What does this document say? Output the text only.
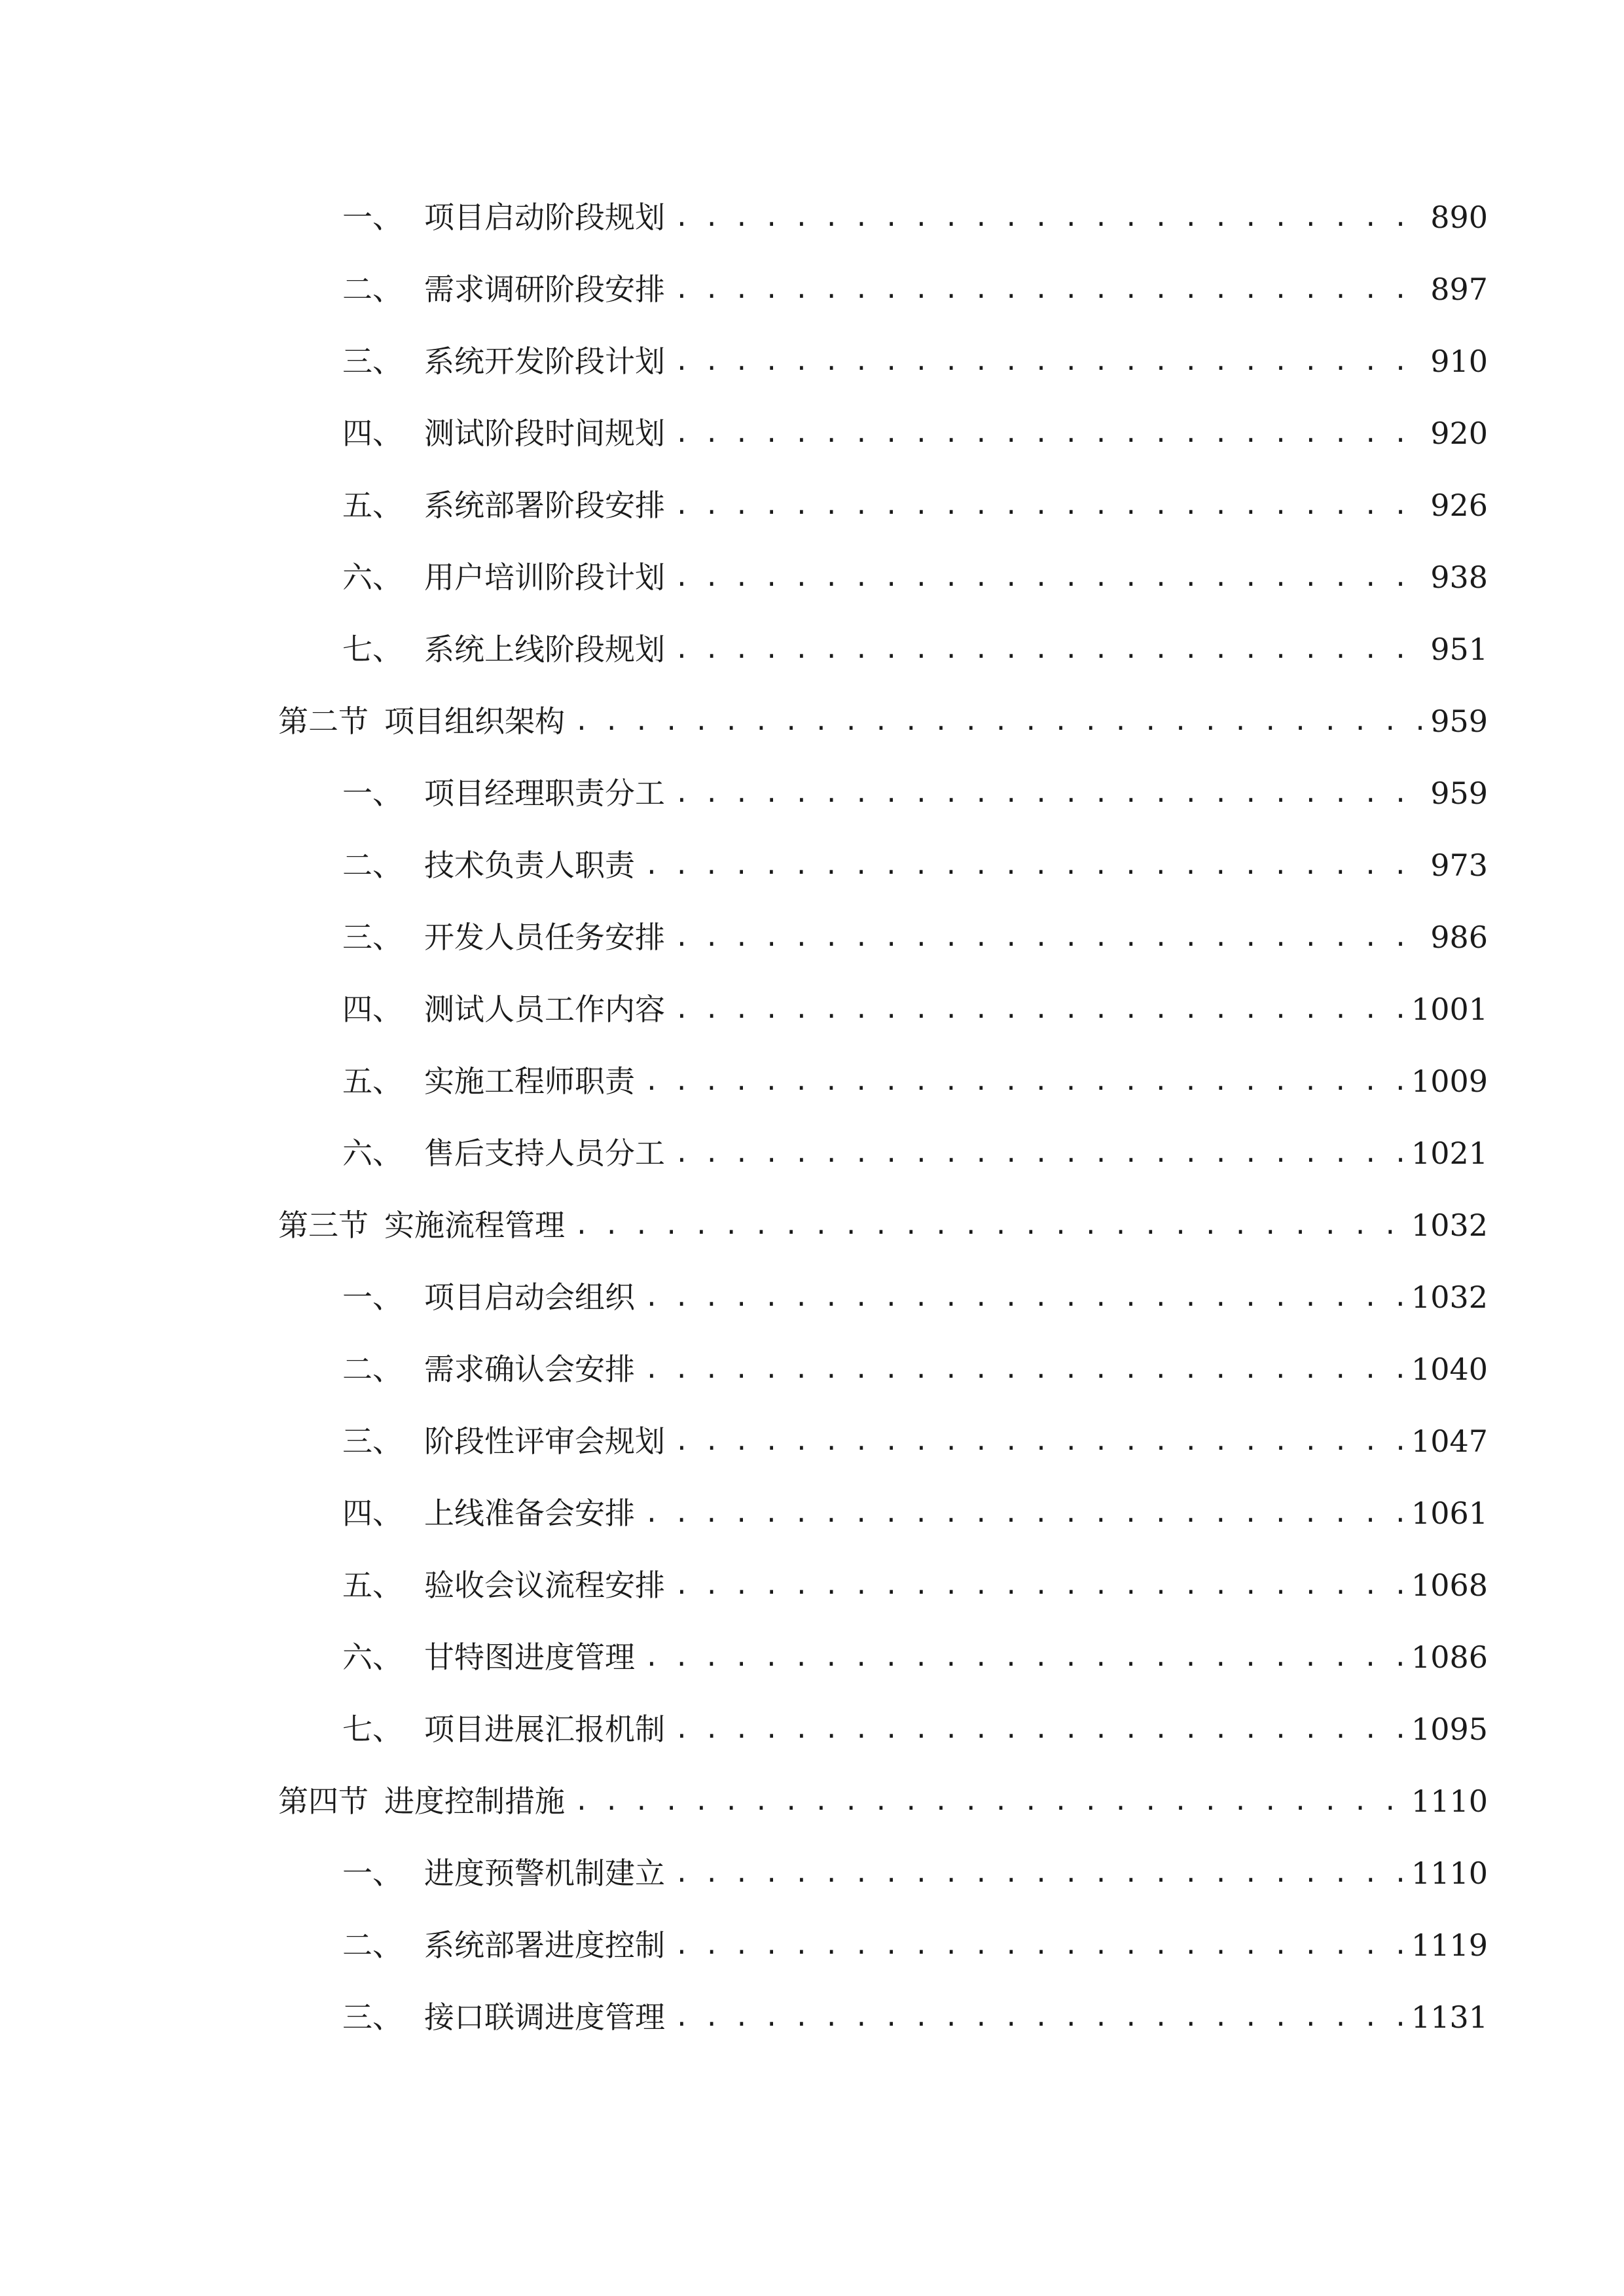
一、 项目启动阶段规划 . . .	890
二、 需求调研阶段安排 . . .	897
三、 系统开发阶段计划 . . .	910
四、 测试阶段时间规划 . . .	920
五、 系统部署阶段安排 . . .	926
六、 用户培训阶段计划 . . .	938
七、 系统上线阶段规划 . . .	951
第二节 项目组织架构 . . .	959
一、 项目经理职责分工 . . .	959
二、 技术负责人职责 . . .	973
三、 开发人员任务安排 . . .	986
四、 测试人员工作内容 . . .	1001
五、 实施工程师职责 . . .	1009
六、 售后支持人员分工 . . .	1021
第三节 实施流程管理 . . .	1032
一、 项目启动会组织 . . .	1032
二、 需求确认会安排 . . .	1040
三、 阶段性评审会规划 . . .	1047
四、 上线准备会安排 . . .	1061
五、 验收会议流程安排 . . .	1068
六、 甘特图进度管理 . . .	1086
七、 项目进展汇报机制 . . .	1095
第四节 进度控制措施 . . .	1110
一、 进度预警机制建立 . . .	1110
二、 系统部署进度控制 . . .	1119
三、 接口联调进度管理 . . .	1131
